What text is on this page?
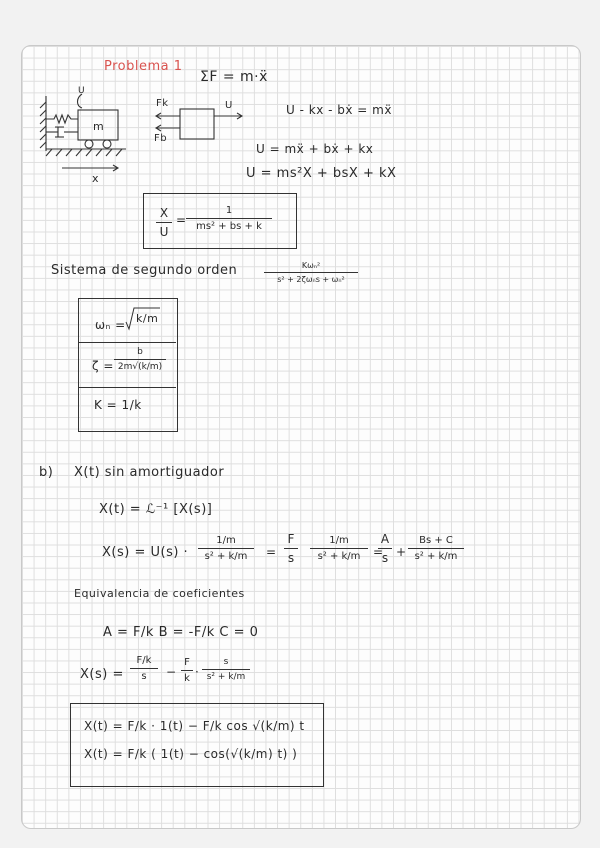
Problema 1
ΣF = m·ẍ
m
U
x
Fk
Fb
U	U - kx - bẋ = mẍ
U = mẍ + bẋ + kx
U = ms²X + bsX + kX
X
U
=
1
ms² + bs + k
Sistema de segundo orden	Kωₙ²
s² + 2ζωₙs + ωₙ²
ωₙ = k/m
ζ =
b
2m√(k/m)
K = 1/k
b) X(t) sin amortiguador
X(t) = ℒ⁻¹ [X(s)]
X(s) = U(s) ·
1/m
s² + k/m	=
F
s
1/m
s² + k/m	=
A
s +
Bs + C
s² + k/m
Equivalencia de coeficientes
A = F/k B = -F/k C = 0
X(s) =
F/k
s	−
F
k ·
s
s² + k/m
X(t) = F/k · 1(t) − F/k cos √(k/m) t
X(t) = F/k ( 1(t) − cos(√(k/m) t) )
